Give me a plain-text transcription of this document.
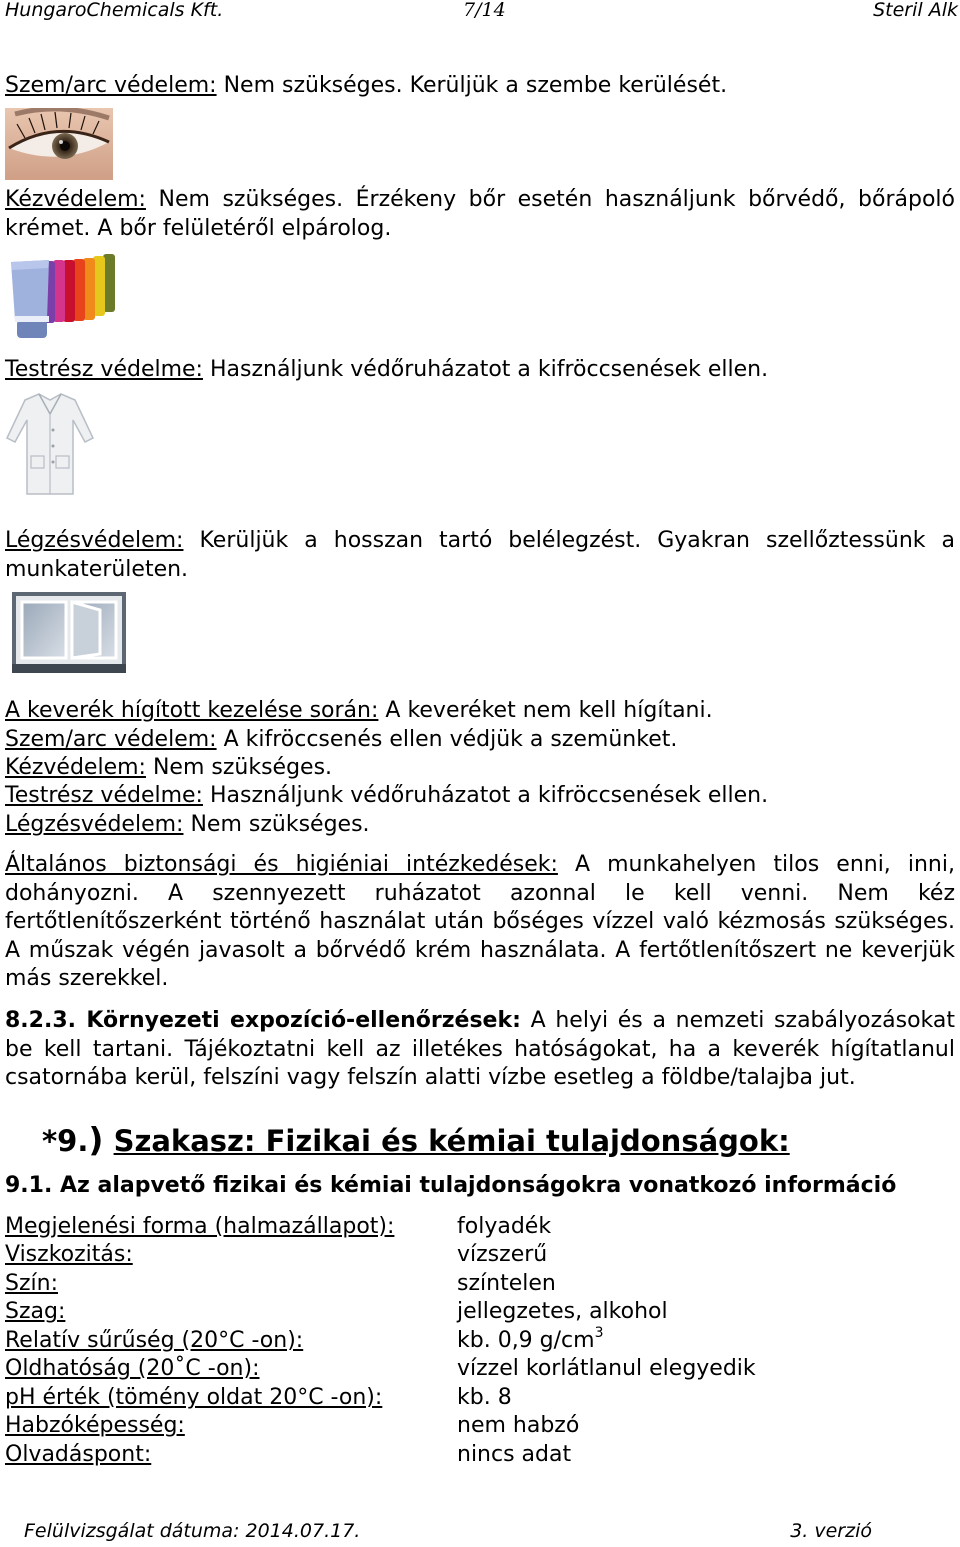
HungaroChemicals Kft.	7/14	Steril Alk
Szem/arc védelem: Nem szükséges. Kerüljük a szembe kerülését.
Kézvédelem: Nem szükséges. Érzékeny bőr esetén használjunk bőrvédő, bőrápoló krémet. A bőr felületéről elpárolog.
Testrész védelme: Használjunk védőruházatot a kifröccsenések ellen.
Légzésvédelem: Kerüljük a hosszan tartó belélegzést. Gyakran szellőztessünk a munkaterületen.
A keverék hígított kezelése során: A keveréket nem kell hígítani.
Szem/arc védelem: A kifröccsenés ellen védjük a szemünket.
Kézvédelem: Nem szükséges.
Testrész védelme: Használjunk védőruházatot a kifröccsenések ellen.
Légzésvédelem: Nem szükséges.
Általános biztonsági és higiéniai intézkedések: A munkahelyen tilos enni, inni, dohányozni. A szennyezett ruházatot azonnal le kell venni. Nem kéz fertőtlenítőszerként történő használat után bőséges vízzel való kézmosás szükséges. A műszak végén javasolt a bőrvédő krém használata. A fertőtlenítőszert ne keverjük más szerekkel.
8.2.3. Környezeti expozíció-ellenőrzések: A helyi és a nemzeti szabályozásokat be kell tartani. Tájékoztatni kell az illetékes hatóságokat, ha a keverék hígítatlanul csatornába kerül, felszíni vagy felszín alatti vízbe esetleg a földbe/talajba jut.
*9.) Szakasz: Fizikai és kémiai tulajdonságok:
9.1. Az alapvető fizikai és kémiai tulajdonságokra vonatkozó információ
Megjelenési forma (halmazállapot):	folyadék
Viszkozitás:	vízszerű
Szín:	színtelen
Szag:	jellegzetes, alkohol
Relatív sűrűség (20°C -on):	kb. 0,9 $g/cm^3$
Oldhatóság (20˚C -on):	vízzel korlátlanul elegyedik
pH érték (tömény oldat 20°C -on):	kb. 8
Habzóképesség:	nem habzó
Olvadáspont:	nincs adat
Felülvizsgálat dátuma: 2014.07.17.	3. verzió
